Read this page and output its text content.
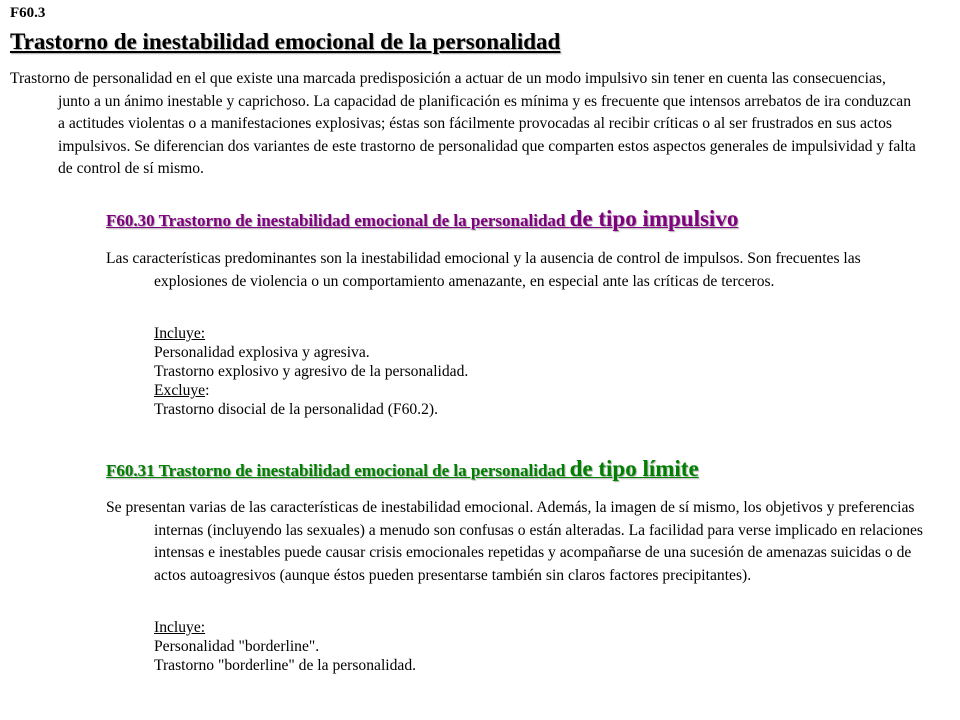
F60.3
Trastorno de inestabilidad emocional de la personalidad

Trastorno de personalidad en el que existe una marcada predisposición a actuar de un modo impulsivo sin tener en cuenta las consecuencias, junto a un ánimo inestable y caprichoso. La capacidad de planificación es mínima y es frecuente que intensos arrebatos de ira conduzcan a actitudes violentas o a manifestaciones explosivas; éstas son fácilmente provocadas al recibir críticas o al ser frustrados en sus actos impulsivos. Se diferencian dos variantes de este trastorno de personalidad que comparten estos aspectos generales de impulsividad y falta de control de sí mismo.

F60.30 Trastorno de inestabilidad emocional de la personalidad de tipo impulsivo

Las características predominantes son la inestabilidad emocional y la ausencia de control de impulsos. Son frecuentes las explosiones de violencia o un comportamiento amenazante, en especial ante las críticas de terceros.

Incluye:
Personalidad explosiva y agresiva.
Trastorno explosivo y agresivo de la personalidad.
Excluye:
Trastorno disocial de la personalidad (F60.2).
F60.31 Trastorno de inestabilidad emocional de la personalidad de tipo límite

Se presentan varias de las características de inestabilidad emocional. Además, la imagen de sí mismo, los objetivos y preferencias internas (incluyendo las sexuales) a menudo son confusas o están alteradas. La facilidad para verse implicado en relaciones intensas e inestables puede causar crisis emocionales repetidas y acompañarse de una sucesión de amenazas suicidas o de actos autoagresivos (aunque éstos pueden presentarse también sin claros factores precipitantes).

Incluye:
Personalidad "borderline".
Trastorno "borderline" de la personalidad.
